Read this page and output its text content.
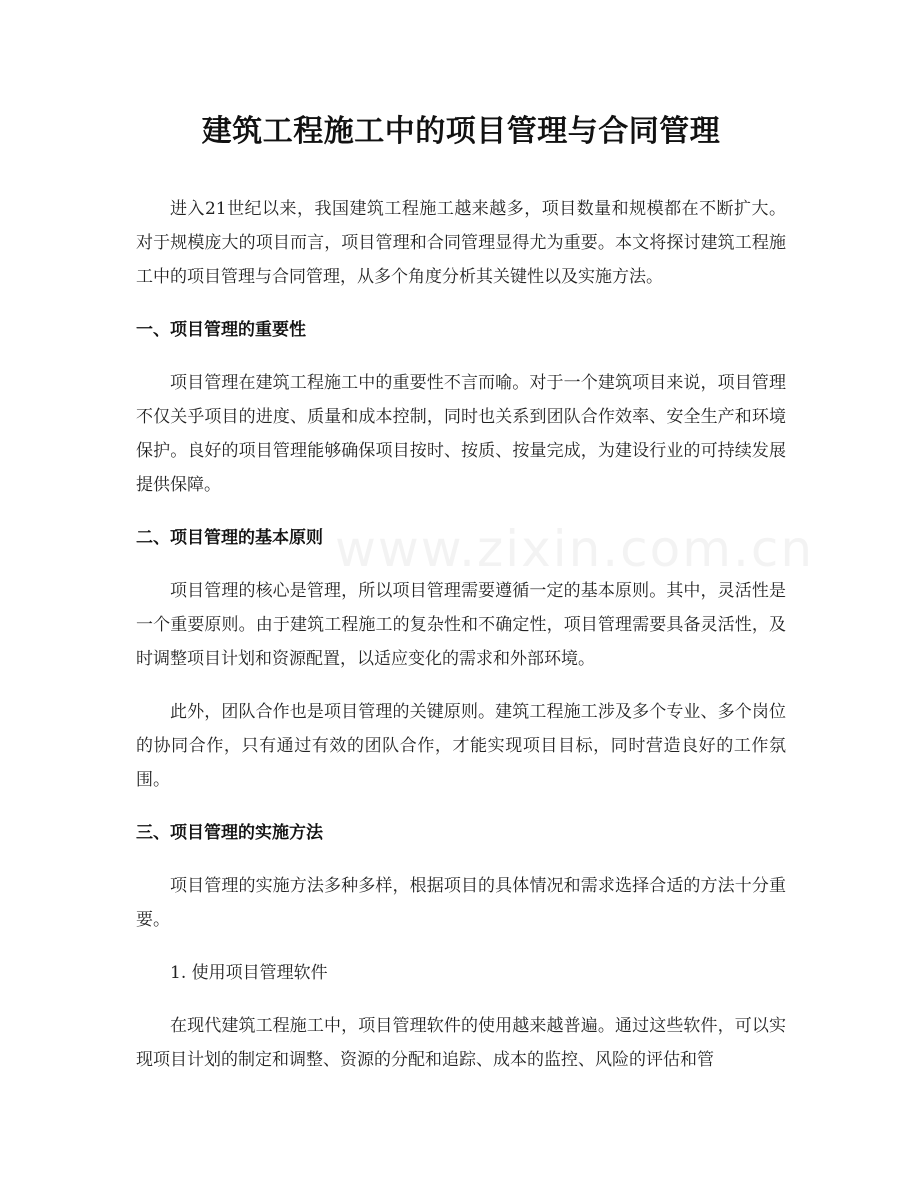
www.zixin.com.cn
建筑工程施工中的项目管理与合同管理

进入21世纪以来，我国建筑工程施工越来越多，项目数量和规模都在不断扩大。对于规模庞大的项目而言，项目管理和合同管理显得尤为重要。本文将探讨建筑工程施工中的项目管理与合同管理，从多个角度分析其关键性以及实施方法。

一、项目管理的重要性

项目管理在建筑工程施工中的重要性不言而喻。对于一个建筑项目来说，项目管理不仅关乎项目的进度、质量和成本控制，同时也关系到团队合作效率、安全生产和环境保护。良好的项目管理能够确保项目按时、按质、按量完成，为建设行业的可持续发展提供保障。

二、项目管理的基本原则

项目管理的核心是管理，所以项目管理需要遵循一定的基本原则。其中，灵活性是一个重要原则。由于建筑工程施工的复杂性和不确定性，项目管理需要具备灵活性，及时调整项目计划和资源配置，以适应变化的需求和外部环境。

此外，团队合作也是项目管理的关键原则。建筑工程施工涉及多个专业、多个岗位的协同合作，只有通过有效的团队合作，才能实现项目目标，同时营造良好的工作氛围。

三、项目管理的实施方法

项目管理的实施方法多种多样，根据项目的具体情况和需求选择合适的方法十分重要。

1. 使用项目管理软件

在现代建筑工程施工中，项目管理软件的使用越来越普遍。通过这些软件，可以实现项目计划的制定和调整、资源的分配和追踪、成本的监控、风险的评估和管
